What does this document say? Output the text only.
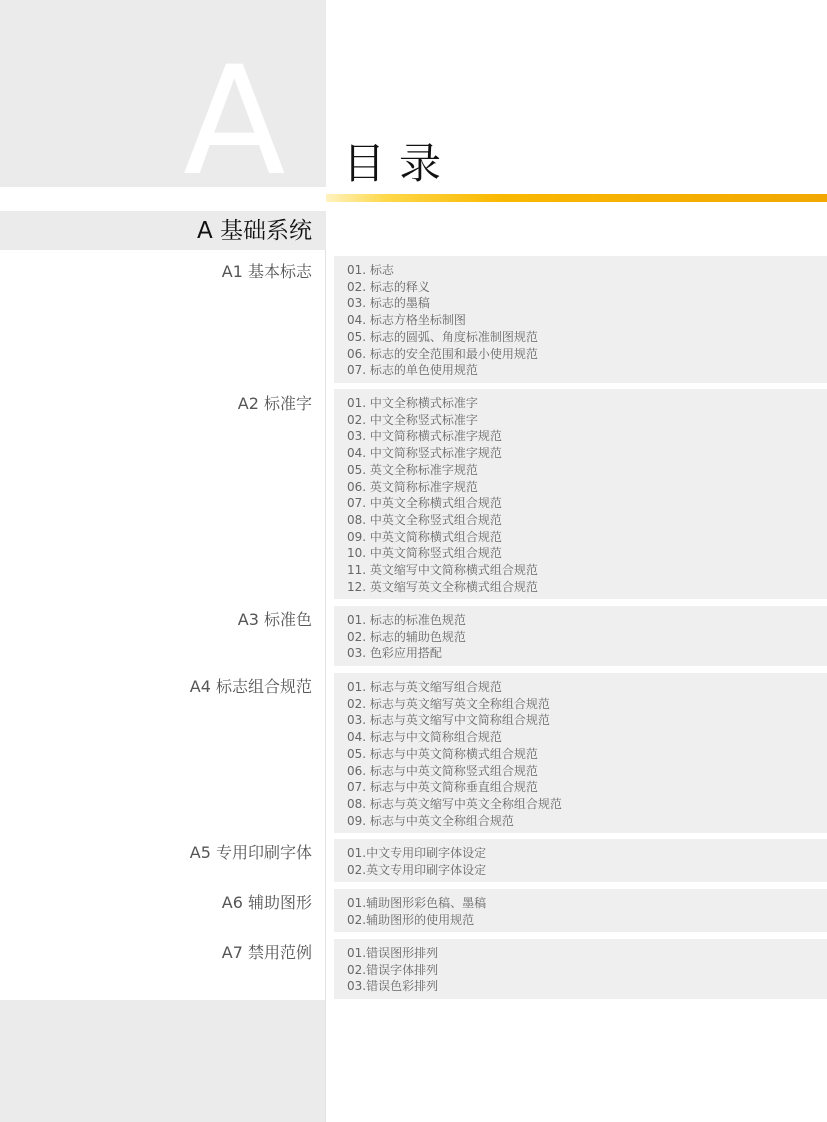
A 目录
A 基础系统
A1 基本标志	01. 标志
02. 标志的释义
03. 标志的墨稿
04. 标志方格坐标制图
05. 标志的圆弧、角度标准制图规范
06. 标志的安全范围和最小使用规范
07. 标志的单色使用规范
A2 标准字	01. 中文全称横式标准字
02. 中文全称竖式标准字
03. 中文简称横式标准字规范
04. 中文简称竖式标准字规范
05. 英文全称标准字规范
06. 英文简称标准字规范
07. 中英文全称横式组合规范
08. 中英文全称竖式组合规范
09. 中英文简称横式组合规范
10. 中英文简称竖式组合规范
11. 英文缩写中文简称横式组合规范
12. 英文缩写英文全称横式组合规范
A3 标准色	01. 标志的标准色规范
02. 标志的辅助色规范
03. 色彩应用搭配
A4 标志组合规范	01. 标志与英文缩写组合规范
02. 标志与英文缩写英文全称组合规范
03. 标志与英文缩写中文简称组合规范
04. 标志与中文简称组合规范
05. 标志与中英文简称横式组合规范
06. 标志与中英文简称竖式组合规范
07. 标志与中英文简称垂直组合规范
08. 标志与英文缩写中英文全称组合规范
09. 标志与中英文全称组合规范
A5 专用印刷字体	01.中文专用印刷字体设定
02.英文专用印刷字体设定
A6 辅助图形	01.辅助图形彩色稿、墨稿
02.辅助图形的使用规范
A7 禁用范例	01.错误图形排列
02.错误字体排列
03.错误色彩排列
